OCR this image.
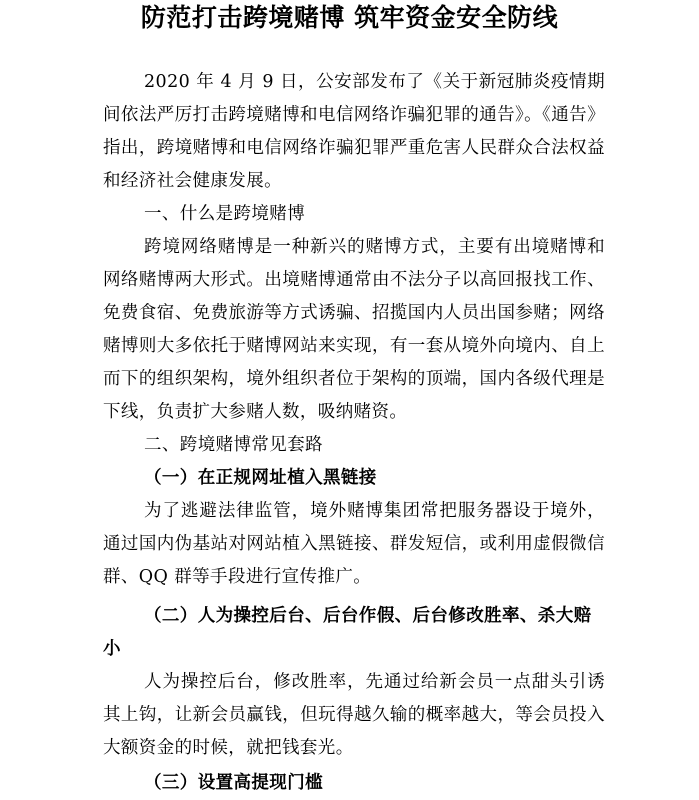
防范打击跨境赌博 筑牢资金安全防线

2020 年 4 月 9 日，公安部发布了《关于新冠肺炎疫情期间依法严厉打击跨境赌博和电信网络诈骗犯罪的通告》。《通告》指出，跨境赌博和电信网络诈骗犯罪严重危害人民群众合法权益和经济社会健康发展。

一、什么是跨境赌博

跨境网络赌博是一种新兴的赌博方式，主要有出境赌博和网络赌博两大形式。出境赌博通常由不法分子以高回报找工作、免费食宿、免费旅游等方式诱骗、招揽国内人员出国参赌；网络赌博则大多依托于赌博网站来实现，有一套从境外向境内、自上而下的组织架构，境外组织者位于架构的顶端，国内各级代理是下线，负责扩大参赌人数，吸纳赌资。

二、跨境赌博常见套路
（一）在正规网址植入黑链接

为了逃避法律监管，境外赌博集团常把服务器设于境外，通过国内伪基站对网站植入黑链接、群发短信，或利用虚假微信群、QQ 群等手段进行宣传推广。

（二）人为操控后台、后台作假、后台修改胜率、杀大赔小

人为操控后台，修改胜率，先通过给新会员一点甜头引诱其上钩，让新会员赢钱，但玩得越久输的概率越大，等会员投入大额资金的时候，就把钱套光。

（三）设置高提现门槛
